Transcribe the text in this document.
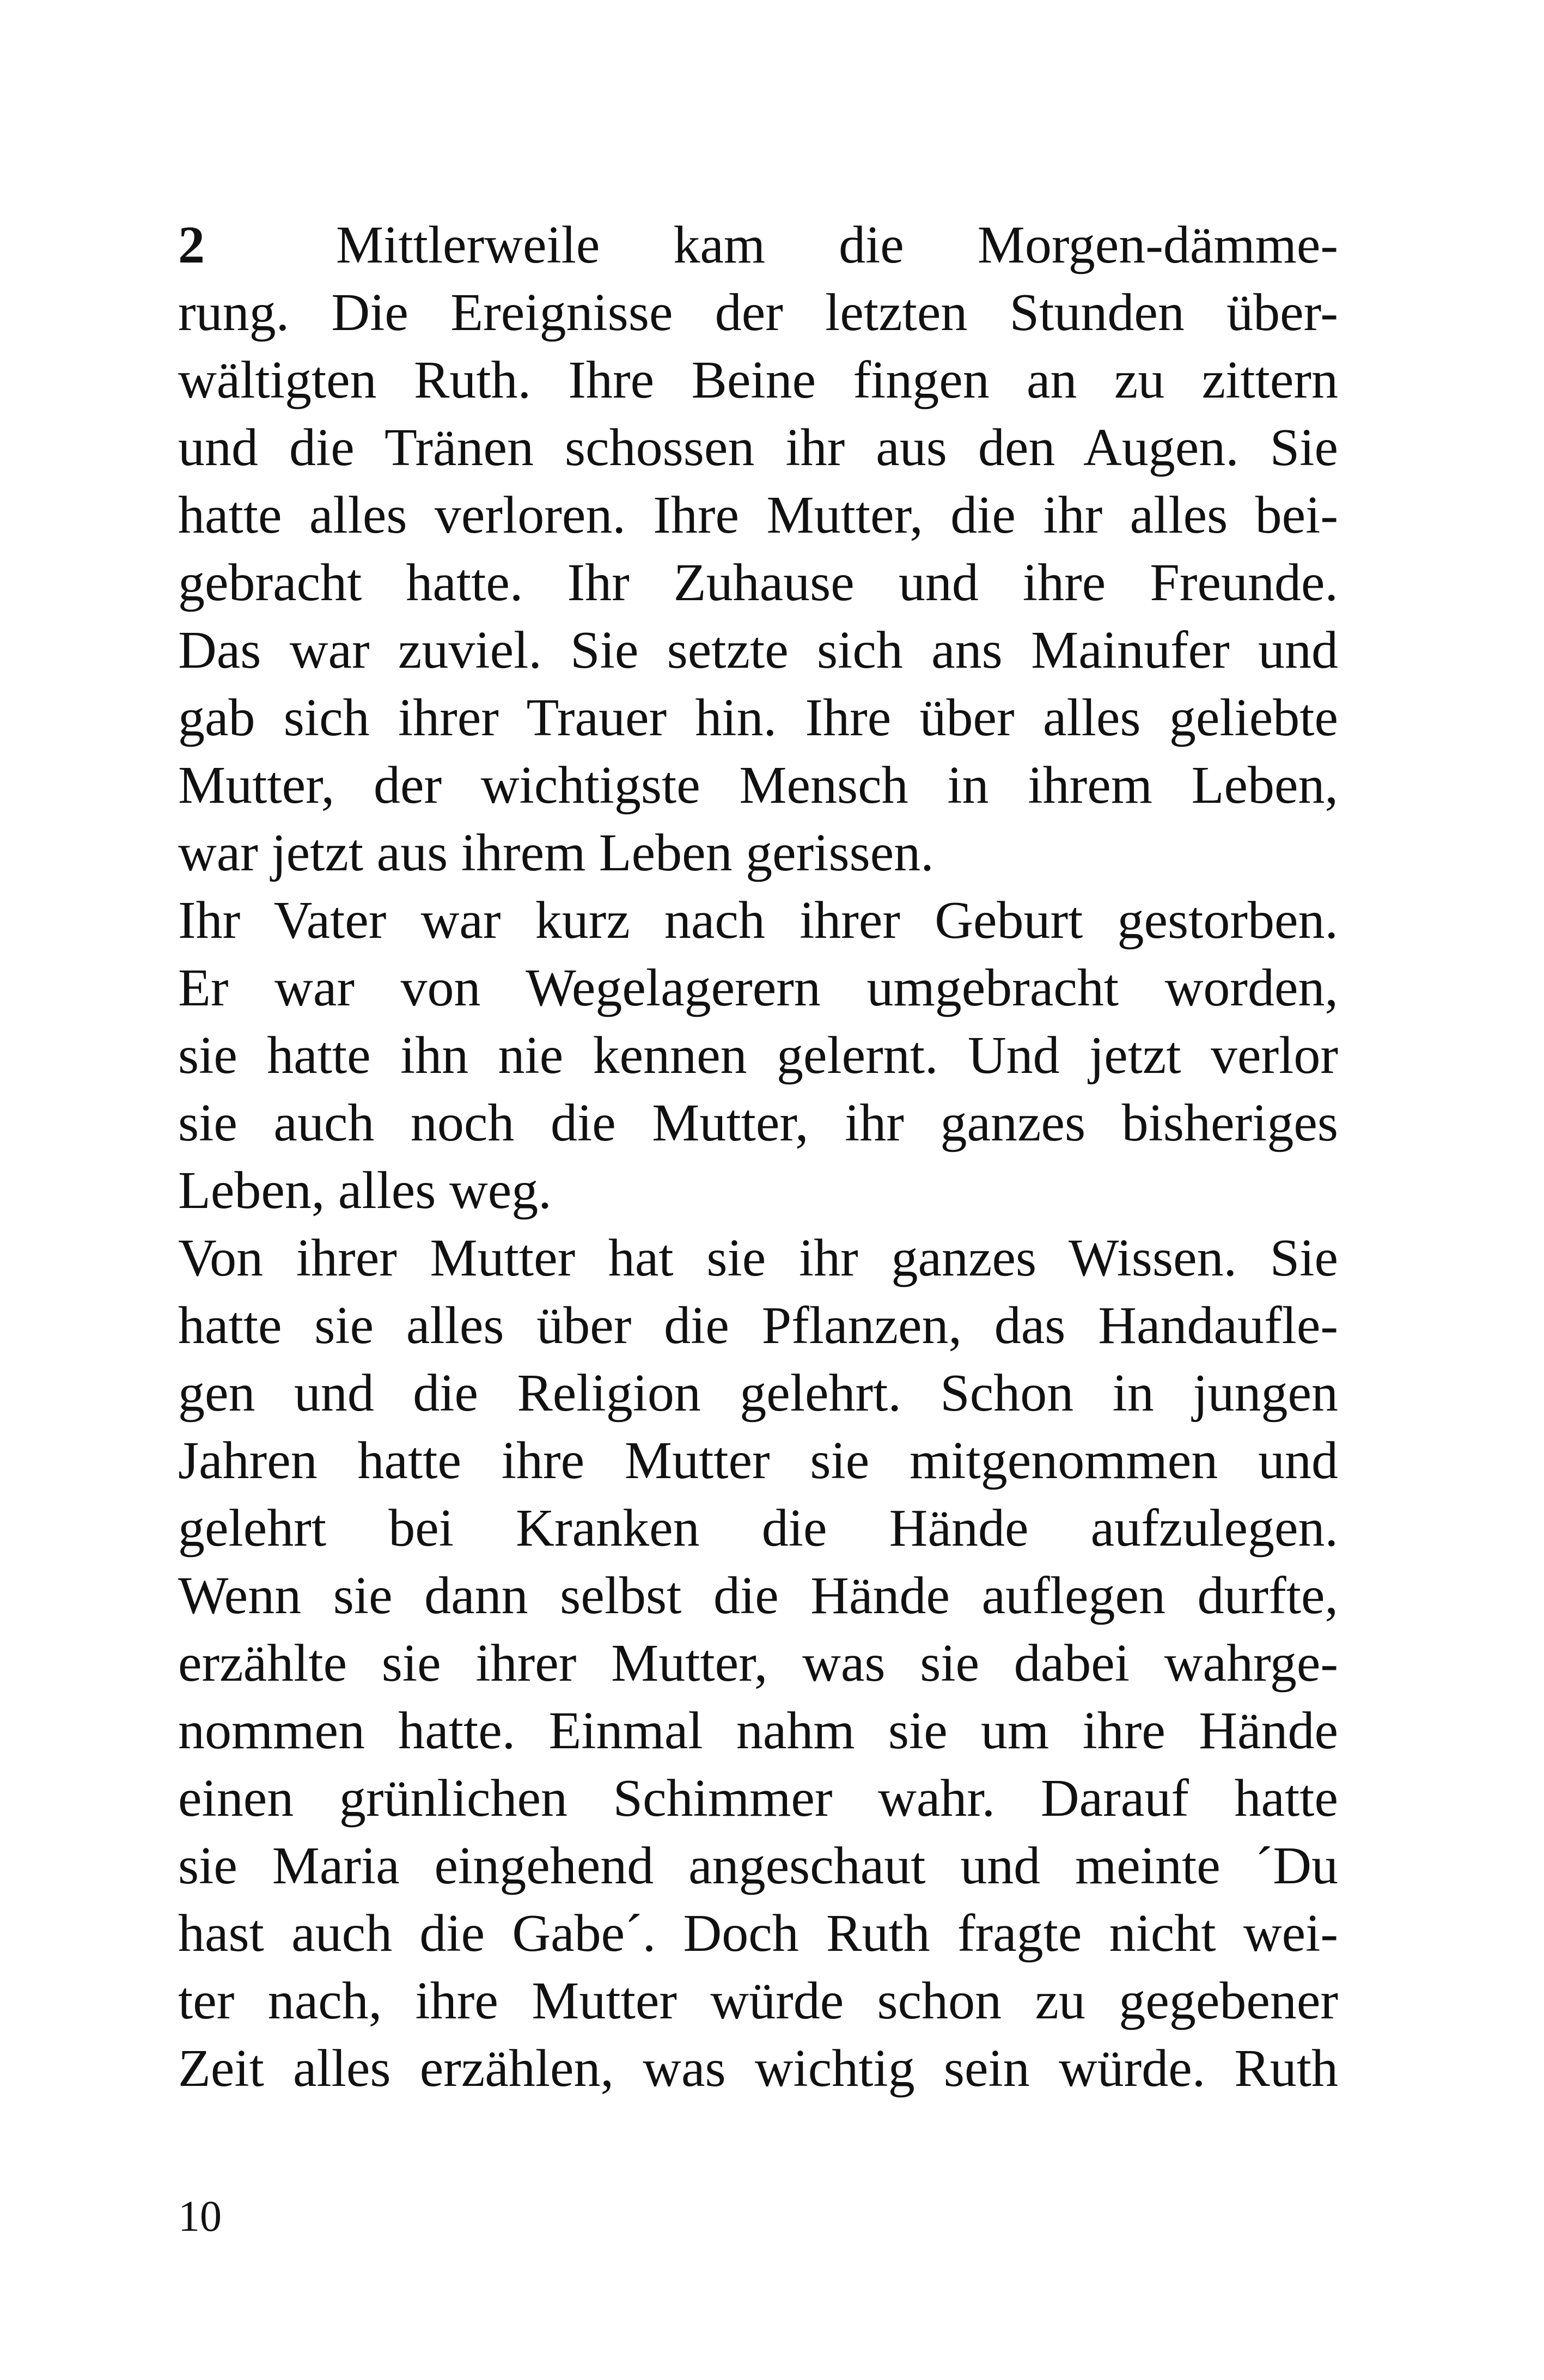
2 Mittlerweile kam die Morgen-dämme-
rung. Die Ereignisse der letzten Stunden über-
wältigten Ruth. Ihre Beine fingen an zu zittern
und die Tränen schossen ihr aus den Augen. Sie
hatte alles verloren. Ihre Mutter, die ihr alles bei-
gebracht hatte. Ihr Zuhause und ihre Freunde.
Das war zuviel. Sie setzte sich ans Mainufer und
gab sich ihrer Trauer hin. Ihre über alles geliebte
Mutter, der wichtigste Mensch in ihrem Leben,
war jetzt aus ihrem Leben gerissen.
Ihr Vater war kurz nach ihrer Geburt gestorben.
Er war von Wegelagerern umgebracht worden,
sie hatte ihn nie kennen gelernt. Und jetzt verlor
sie auch noch die Mutter, ihr ganzes bisheriges
Leben, alles weg.
Von ihrer Mutter hat sie ihr ganzes Wissen. Sie
hatte sie alles über die Pflanzen, das Handaufle-
gen und die Religion gelehrt. Schon in jungen
Jahren hatte ihre Mutter sie mitgenommen und
gelehrt bei Kranken die Hände aufzulegen.
Wenn sie dann selbst die Hände auflegen durfte,
erzählte sie ihrer Mutter, was sie dabei wahrge-
nommen hatte. Einmal nahm sie um ihre Hände
einen grünlichen Schimmer wahr. Darauf hatte
sie Maria eingehend angeschaut und meinte ´Du
hast auch die Gabe´. Doch Ruth fragte nicht wei-
ter nach, ihre Mutter würde schon zu gegebener
Zeit alles erzählen, was wichtig sein würde. Ruth
10
